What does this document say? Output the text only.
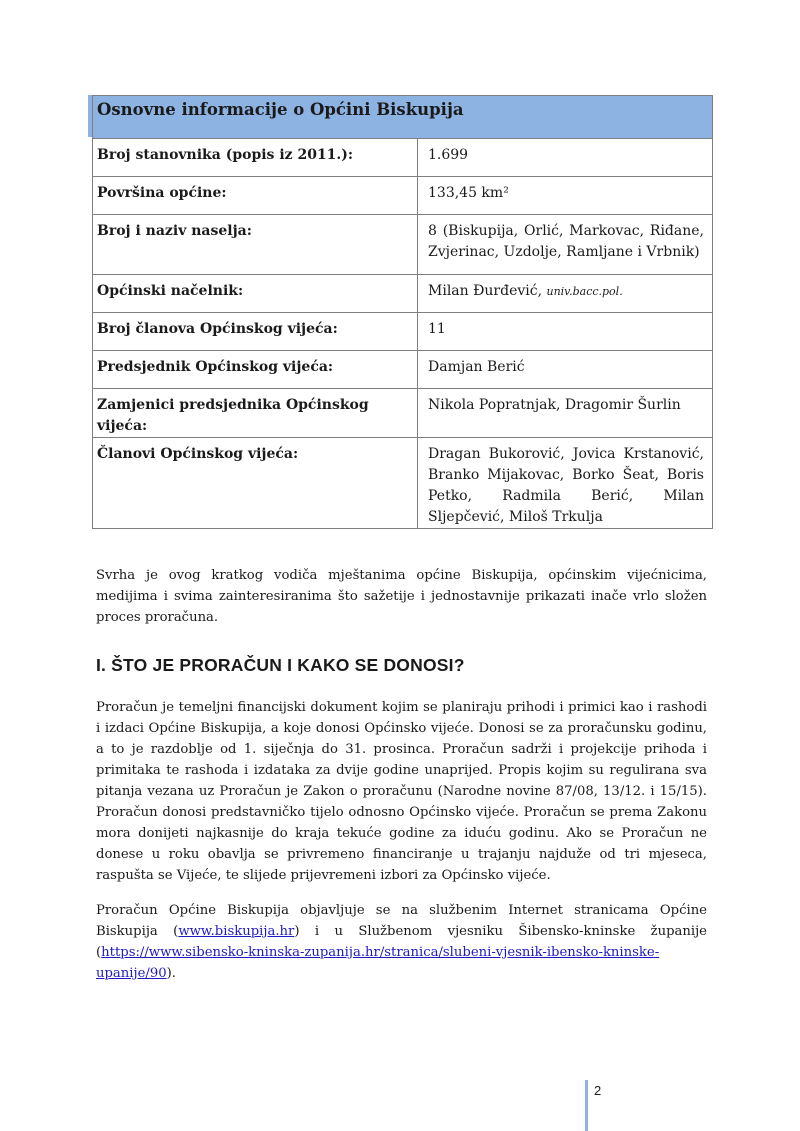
Osnovne informacije o Općini Biskupija	

Broj stanovnika (popis iz 2011.):	1.699

Površina općine:	133,45 km²

Broj i naziv naselja:	8 (Biskupija, Orlić, Markovac, Riđane, Zvjerinac, Uzdolje, Ramljane i Vrbnik)

Općinski načelnik:	Milan Đurđević, univ.bacc.pol.

Broj članova Općinskog vijeća:	11

Predsjednik Općinskog vijeća:	Damjan Berić

Zamjenici predsjednika Općinskog vijeća:	Nikola Popratnjak, Dragomir Šurlin

Članovi Općinskog vijeća:	Dragan Bukorović, Jovica Krstanović, Branko Mijakovac, Borko Šeat, Boris Petko, Radmila Berić, Milan Sljepčević, Miloš Trkulja

Svrha je ovog kratkog vodiča mještanima općine Biskupija, općinskim vijećnicima, medijima i svima zainteresiranima što sažetije i jednostavnije prikazati inače vrlo složen proces proračuna.

I. ŠTO JE PRORAČUN I KAKO SE DONOSI?

Proračun je temeljni financijski dokument kojim se planiraju prihodi i primici kao i rashodi i izdaci Općine Biskupija, a koje donosi Općinsko vijeće. Donosi se za proračunsku godinu, a to je razdoblje od 1. siječnja do 31. prosinca. Proračun sadrži i projekcije prihoda i primitaka te rashoda i izdataka za dvije godine unaprijed. Propis kojim su regulirana sva pitanja vezana uz Proračun je Zakon o proračunu (Narodne novine 87/08, 13/12. i 15/15). Proračun donosi predstavničko tijelo odnosno Općinsko vijeće. Proračun se prema Zakonu mora donijeti najkasnije do kraja tekuće godine za iduću godinu. Ako se Proračun ne donese u roku obavlja se privremeno financiranje u trajanju najduže od tri mjeseca, raspušta se Vijeće, te slijede prijevremeni izbori za Općinsko vijeće.

Proračun Općine Biskupija objavljuje se na službenim Internet stranicama Općine Biskupija (www.biskupija.hr) i u Službenom vjesniku Šibensko-kninske županije (https://www.sibensko-kninska-zupanija.hr/stranica/slubeni-vjesnik-ibensko-kninske-upanije/90).

2
